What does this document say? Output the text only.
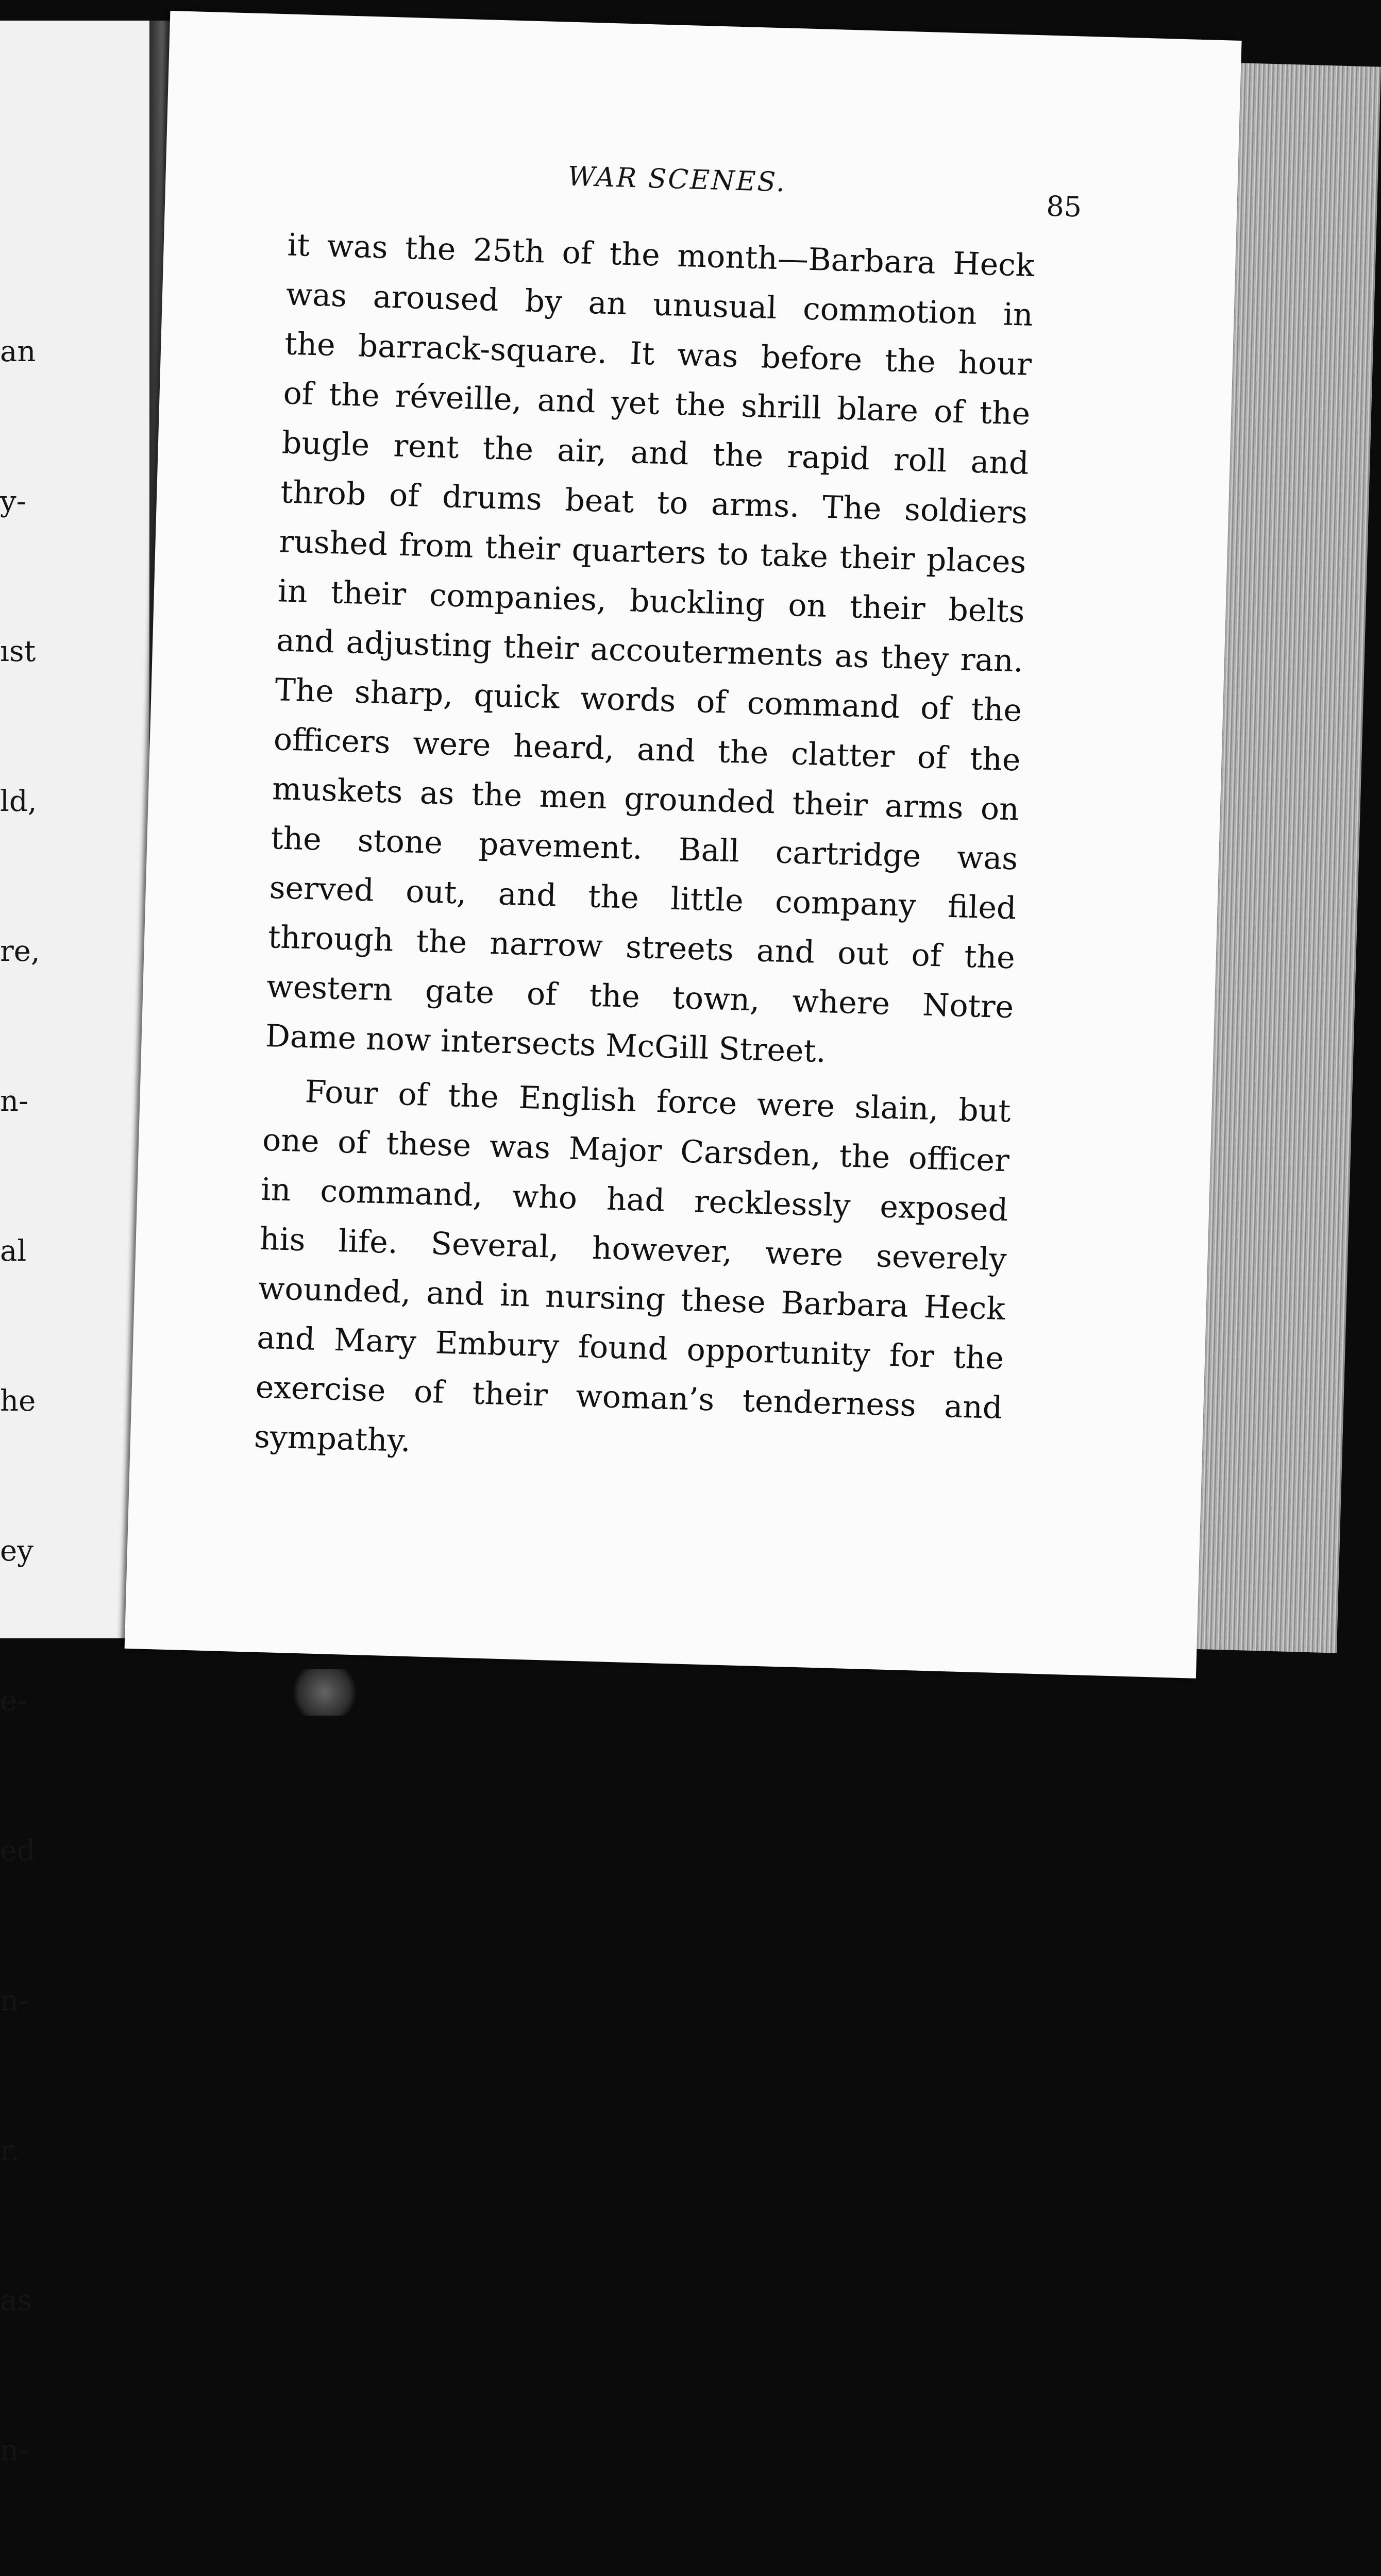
an

y-

ıst

ld,

re,

n-

al

he

ey

e-

ed

n-

r.

as

n-

WAR SCENES.
85

it was the 25th of the month—Barbara Heck
was aroused by an unusual commotion in
the barrack-square. It was before the hour
of the réveille, and yet the shrill blare of the
bugle rent the air, and the rapid roll and
throb of drums beat to arms. The soldiers
rushed from their quarters to take their places
in their companies, buckling on their belts
and adjusting their accouterments as they ran.
The sharp, quick words of command of the
officers were heard, and the clatter of the
muskets as the men grounded their arms on
the stone pavement. Ball cartridge was
served out, and the little company filed
through the narrow streets and out of the
western gate of the town, where Notre
Dame now intersects McGill Street.

Four of the English force were slain, but
one of these was Major Carsden, the officer
in command, who had recklessly exposed
his life. Several, however, were severely
wounded, and in nursing these Barbara Heck
and Mary Embury found opportunity for the
exercise of their woman’s tenderness and
sympathy.
